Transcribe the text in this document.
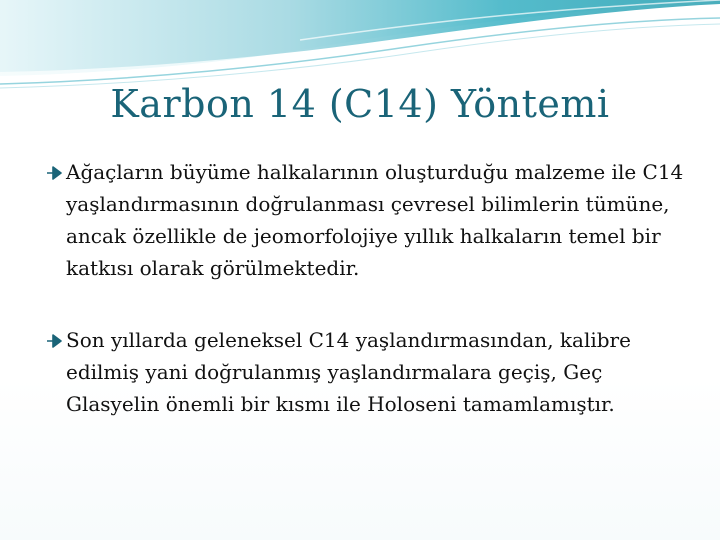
Karbon 14 (C14) Yöntemi

Ağaçların büyüme halkalarının oluşturduğu malzeme ile C14 yaşlandırmasının doğrulanması çevresel bilimlerin tümüne, ancak özellikle de jeomorfolojiye yıllık halkaların temel bir katkısı olarak görülmektedir.

Son yıllarda geleneksel C14 yaşlandırmasından, kalibre edilmiş yani doğrulanmış yaşlandırmalara geçiş, Geç Glasyelin önemli bir kısmı ile Holoseni tamamlamıştır.
